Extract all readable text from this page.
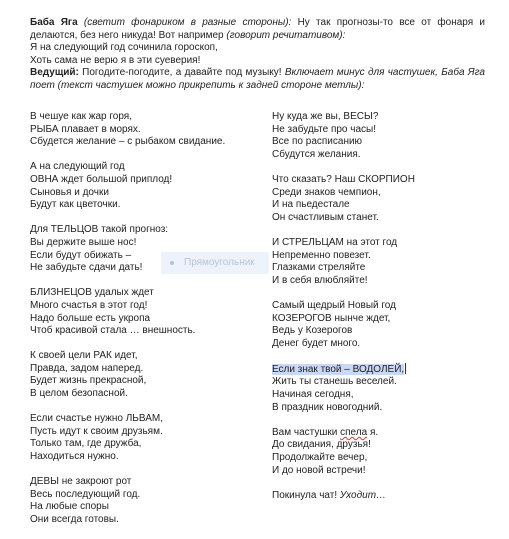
Баба Яга (светит фонариком в разные стороны): Ну так прогнозы-то все от фонаря и делаются, без него никуда! Вот например (говорит речитативом):

Я на следующий год сочинила гороскоп,

Хоть сама не верю я в эти суеверия!

Ведущий: Погодите-погодите, а давайте под музыку! Включает минус для частушек, Баба Яга поет (текст частушек можно прикрепить к задней стороне метлы):

В чешуе как жар горя,
РЫБА плавает в морях.
Сбудется желание – с рыбаком свидание.
А на следующий год
ОВНА ждет большой приплод!
Сыновья и дочки
Будут как цветочки.
Для ТЕЛЬЦОВ такой прогноз:
Вы держите выше нос!
Если будут обижать –
Не забудьте сдачи дать!
БЛИЗНЕЦОВ удалых ждет
Много счастья в этот год!
Надо больше есть укропа
Чтоб красивой стала … внешность.
К своей цели РАК идет,
Правда, задом наперед.
Будет жизнь прекрасной,
В целом безопасной.
Если счастье нужно ЛЬВАМ,
Пусть идут к своим друзьям.
Только там, где дружба,
Находиться нужно.
ДЕВЫ не закроют рот
Весь последующий год.
На любые споры
Они всегда готовы.
Ну куда же вы, ВЕСЫ?
Не забудьте про часы!
Все по расписанию
Сбудутся желания.
Что сказать? Наш СКОРПИОН
Среди знаков чемпион,
И на пьедестале
Он счастливым станет.
И СТРЕЛЬЦАМ на этот год
Непременно повезет.
Глазками стреляйте
И в себя влюбляйте!
Самый щедрый Новый год
КОЗЕРОГОВ нынче ждет,
Ведь у Козерогов
Денег будет много.
Если знак твой – ВОДОЛЕЙ,

Жить ты станешь веселей.
Начиная сегодня,
В праздник новогодний.
Вам частушки спела я.
До свидания, друзья!
Продолжайте вечер,
И до новой встречи!
Покинула чат! Уходит…
Прямоугольник
